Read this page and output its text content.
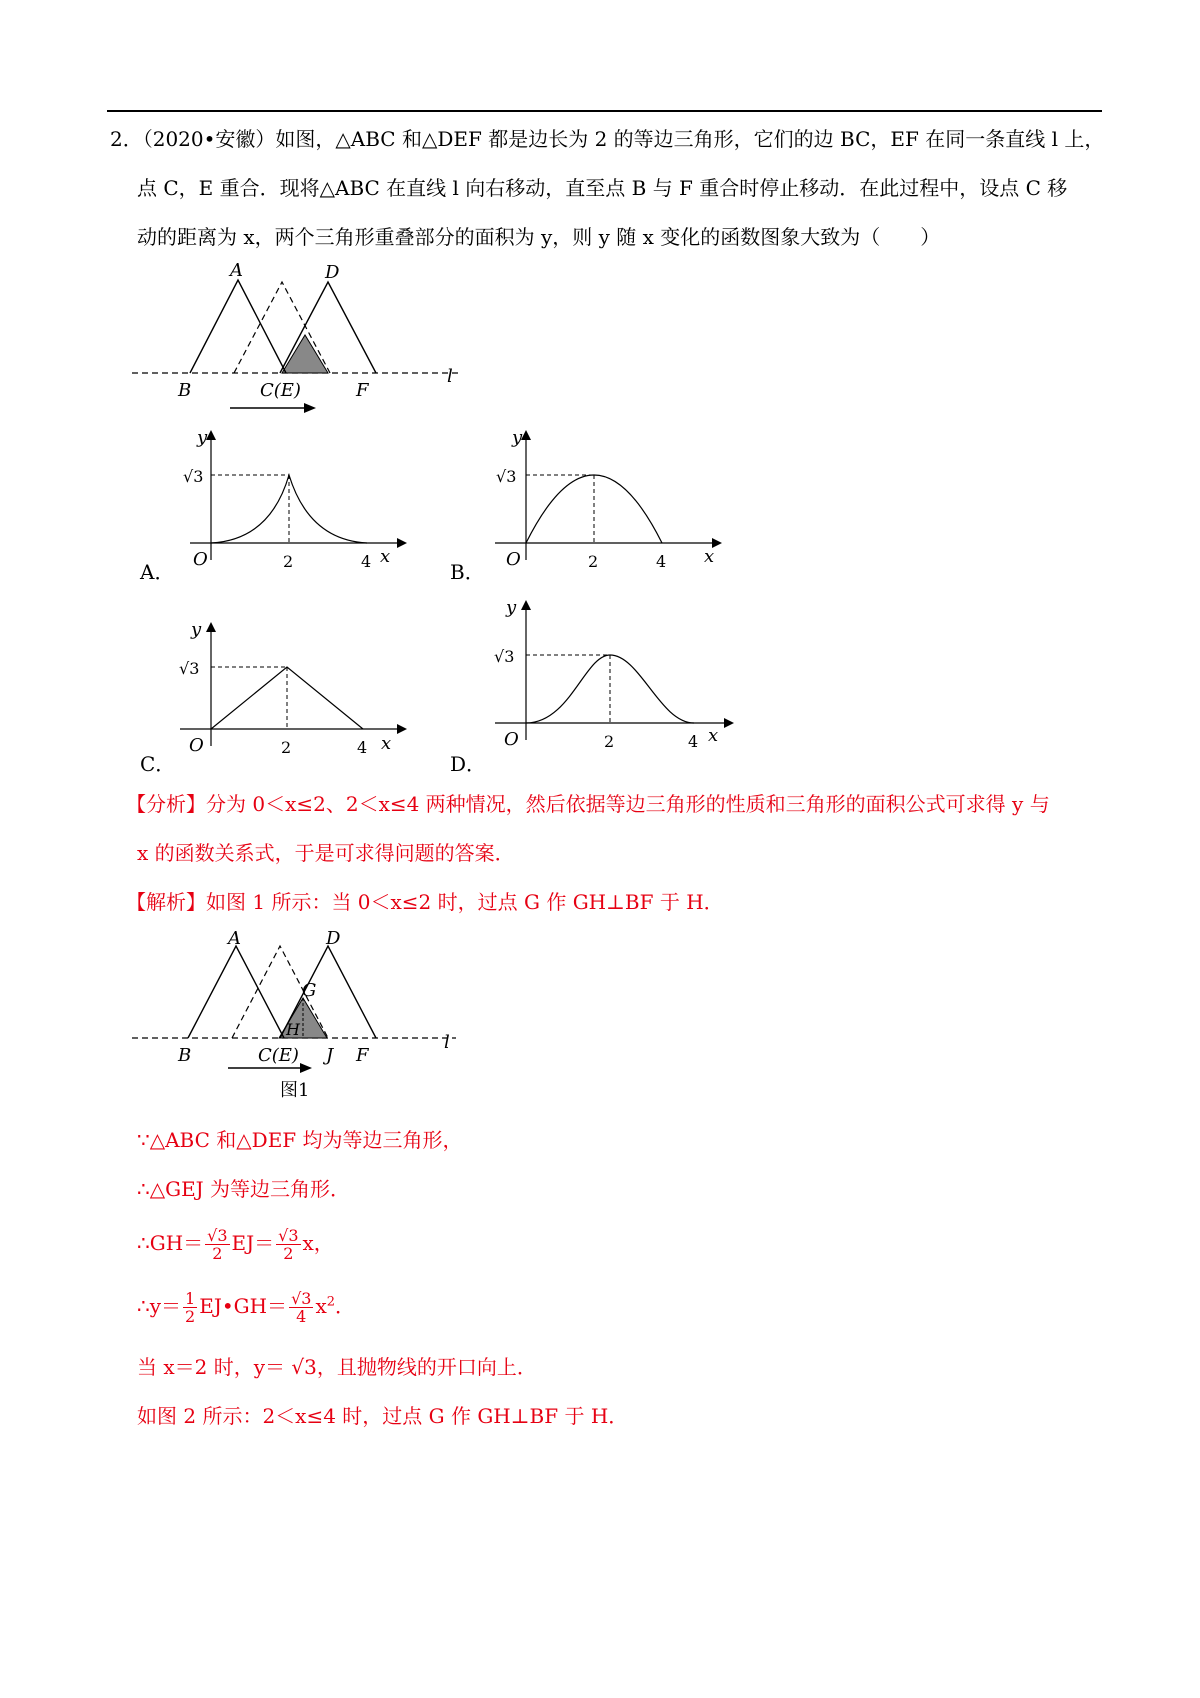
2．（2020•安徽）如图，△ABC 和△DEF 都是边长为 2 的等边三角形，它们的边 BC，EF 在同一条直线 l 上，
点 C，E 重合．现将△ABC 在直线 l 向右移动，直至点 B 与 F 重合时停止移动．在此过程中，设点 C 移
动的距离为 x，两个三角形重叠部分的面积为 y，则 y 随 x 变化的函数图象大致为（　　）
A	D
B	C(E)	F
l
A．
y
√3
O	2	4 x
B．
y
√3
O	2	4 x
C．
y
√3
O	2	4 x
D．
y
√3
O	2	4 x
【分析】分为 0＜x≤2、2＜x≤4 两种情况，然后依据等边三角形的性质和三角形的面积公式可求得 y 与
x 的函数关系式，于是可求得问题的答案．
【解析】如图 1 所示：当 0＜x≤2 时，过点 G 作 GH⊥BF 于 H．
A	D
G
H
B	C(E) J F
l
图1
∵△ABC 和△DEF 均为等边三角形，
∴△GEJ 为等边三角形．
∴GH＝ $\frac{√3}{2} EJ= \frac{√3}{2}$ x，
∴y＝ $\frac{1}{2}$ EJ•GH＝ $\frac{√3}{4} x^2$．
当 x＝2 时，y＝ √3，且抛物线的开口向上．
如图 2 所示：2＜x≤4 时，过点 G 作 GH⊥BF 于 H．
